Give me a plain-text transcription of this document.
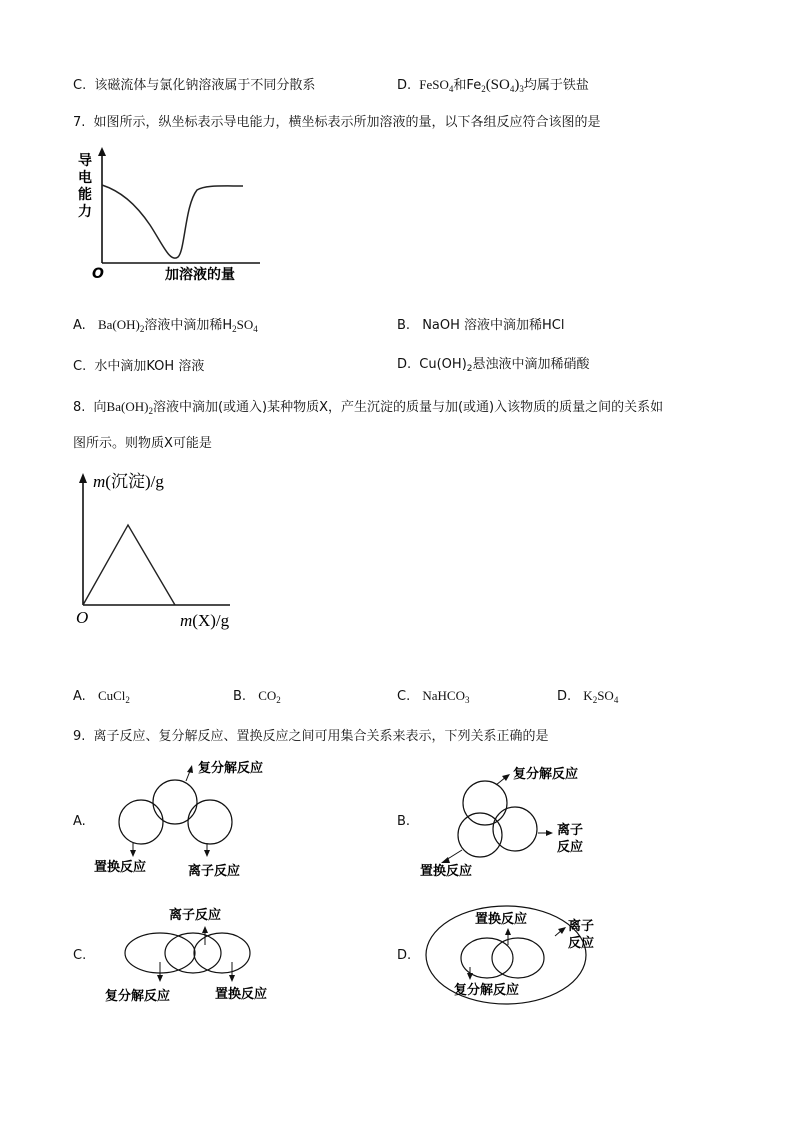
C. 该磁流体与氯化钠溶液属于不同分散系	D. FeSO$_4$和$Fe_2(SO_4)_3$均属于铁盐
7. 如图所示，纵坐标表示导电能力，横坐标表示所加溶液的量，以下各组反应符合该图的是
导
电
能
力
O	加溶液的量
A. $Ba(OH)_2$溶液中滴加稀$H_2SO_4$	B. NaOH 溶液中滴加稀HCl
C. 水中滴加KOH 溶液	D. $Cu(OH)_2$悬浊液中滴加稀硝酸
8. 向$Ba(OH)_2$溶液中滴加(或通入)某种物质X，产生沉淀的质量与加(或通)入该物质的质量之间的关系如
图所示。则物质X可能是
m(沉淀)/g
O	m(X)/g
A. CuCl$_2$	B. $CO_2$	C. NaHCO$_3$	D. $K_2SO_4$
9. 离子反应、复分解反应、置换反应之间可用集合关系来表示，下列关系正确的是
A.
复分解反应
置换反应	离子反应
B.
复分解反应
离子
反应
置换反应
C.
离子反应
复分解反应	置换反应
D.
置换反应	离子
反应
复分解反应
